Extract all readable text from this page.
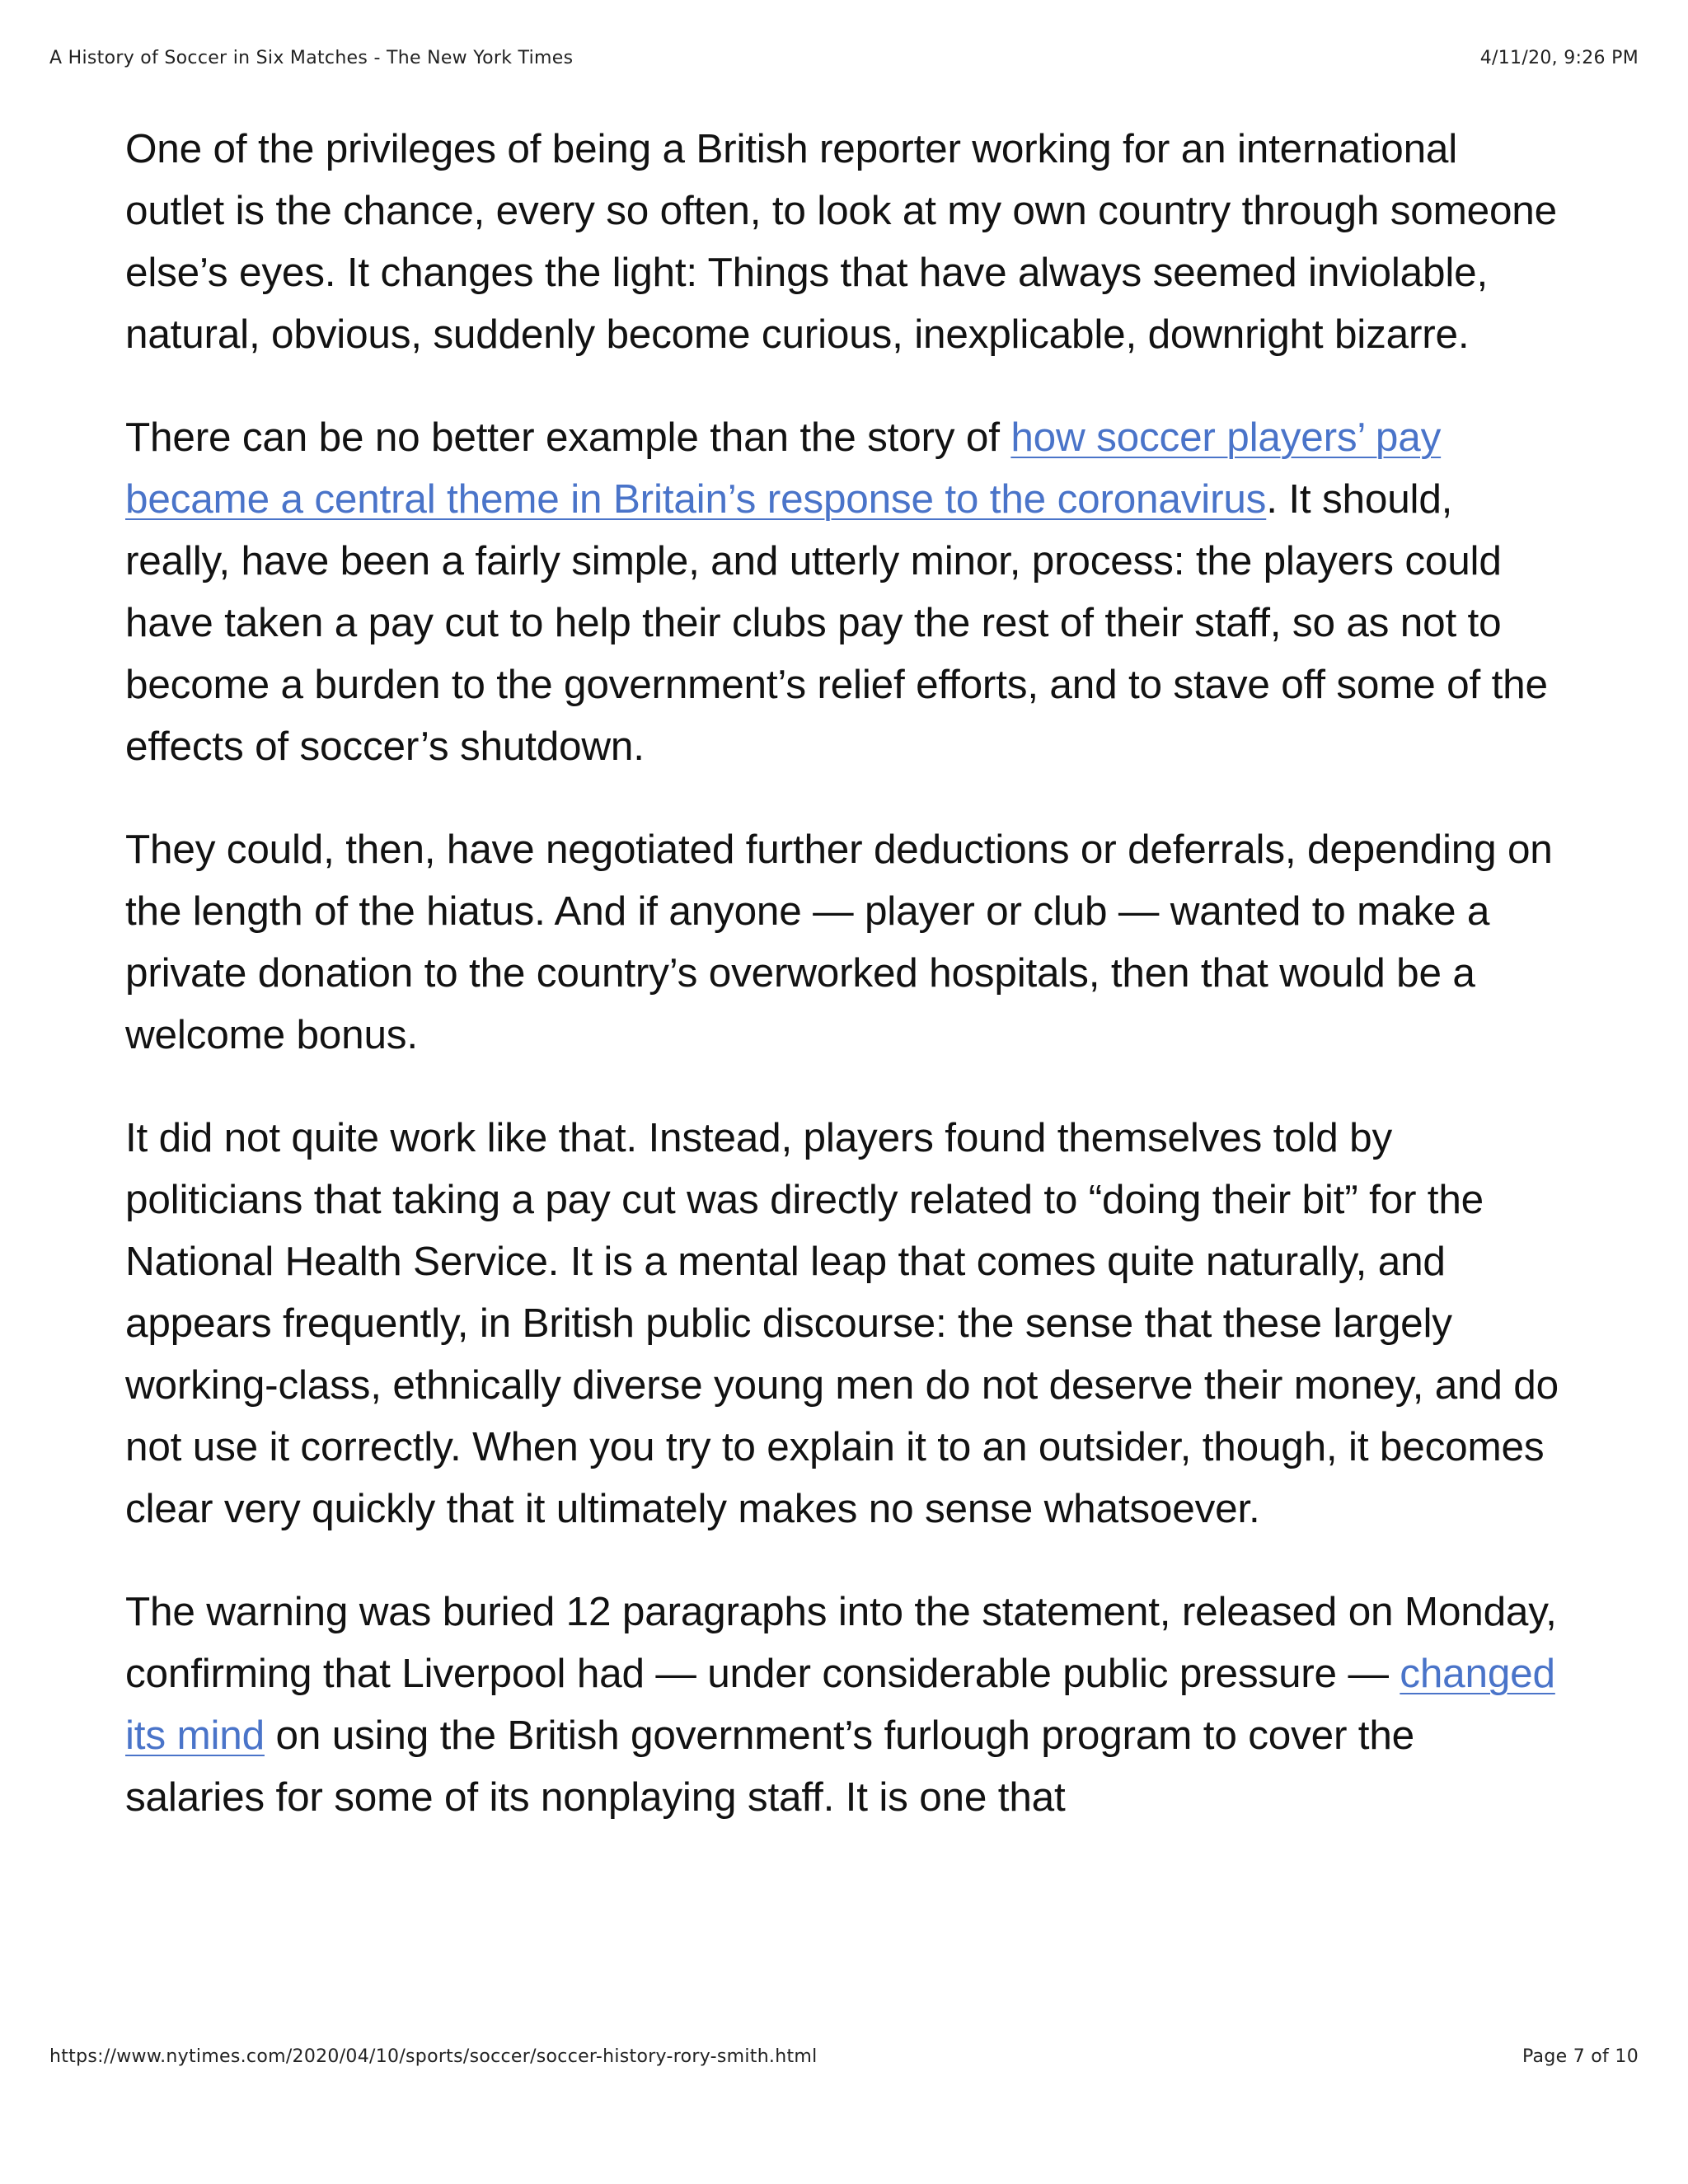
A History of Soccer in Six Matches - The New York Times	4/11/20, 9:26 PM

One of the privileges of being a British reporter working for an international outlet is the chance, every so often, to look at my own country through someone else’s eyes. It changes the light: Things that have always seemed inviolable, natural, obvious, suddenly become curious, inexplicable, downright bizarre.

There can be no better example than the story of how soccer players’ pay became a central theme in Britain’s response to the coronavirus. It should, really, have been a fairly simple, and utterly minor, process: the players could have taken a pay cut to help their clubs pay the rest of their staff, so as not to become a burden to the government’s relief efforts, and to stave off some of the effects of soccer’s shutdown.

They could, then, have negotiated further deductions or deferrals, depending on the length of the hiatus. And if anyone — player or club — wanted to make a private donation to the country’s overworked hospitals, then that would be a welcome bonus.

It did not quite work like that. Instead, players found themselves told by politicians that taking a pay cut was directly related to “doing their bit” for the National Health Service. It is a mental leap that comes quite naturally, and appears frequently, in British public discourse: the sense that these largely working-class, ethnically diverse young men do not deserve their money, and do not use it correctly. When you try to explain it to an outsider, though, it becomes clear very quickly that it ultimately makes no sense whatsoever.

The warning was buried 12 paragraphs into the statement, released on Monday, confirming that Liverpool had — under considerable public pressure — changed its mind on using the British government’s furlough program to cover the salaries for some of its nonplaying staff. It is one that

https://www.nytimes.com/2020/04/10/sports/soccer/soccer-history-rory-smith.html	Page 7 of 10
